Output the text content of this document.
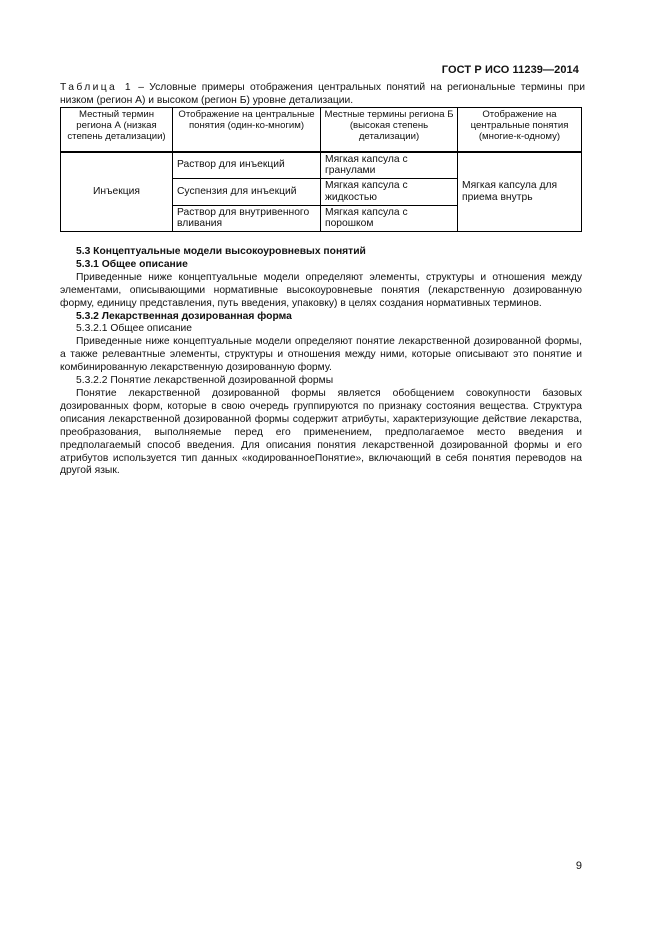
ГОСТ Р ИСО 11239—2014
Таблица 1 – Условные примеры отображения центральных понятий на региональные термины при низком (регион А) и высоком (регион Б) уровне детализации.
Местный термин региона А (низкая степень детализации)	Отображение на центральные понятия (один-ко-многим)	Местные термины региона Б (высокая степень детализации)	Отображение на центральные понятия (многие-к-одному)
Инъекция	Раствор для инъекций	Мягкая капсула с гранулами	Мягкая капсула для приема внутрь
	Суспензия для инъекций	Мягкая капсула с жидкостью	
	Раствор для внутривенного вливания	Мягкая капсула с порошком	

5.3 Концептуальные модели высокоуровневых понятий

5.3.1 Общее описание

Приведенные ниже концептуальные модели определяют элементы, структуры и отношения между элементами, описывающими нормативные высокоуровневые понятия (лекарственную дозированную форму, единицу представления, путь введения, упаковку) в целях создания нормативных терминов.

5.3.2 Лекарственная дозированная форма

5.3.2.1 Общее описание

Приведенные ниже концептуальные модели определяют понятие лекарственной дозированной формы, а также релевантные элементы, структуры и отношения между ними, которые описывают это понятие и комбинированную лекарственную дозированную форму.

5.3.2.2 Понятие лекарственной дозированной формы

Понятие лекарственной дозированной формы является обобщением совокупности базовых дозированных форм, которые в свою очередь группируются по признаку состояния вещества. Структура описания лекарственной дозированной формы содержит атрибуты, характеризующие действие лекарства, преобразования, выполняемые перед его применением, предполагаемое место введения и предполагаемый способ введения. Для описания понятия лекарственной дозированной формы и его атрибутов используется тип данных «кодированноеПонятие», включающий в себя понятия переводов на другой язык.

9
